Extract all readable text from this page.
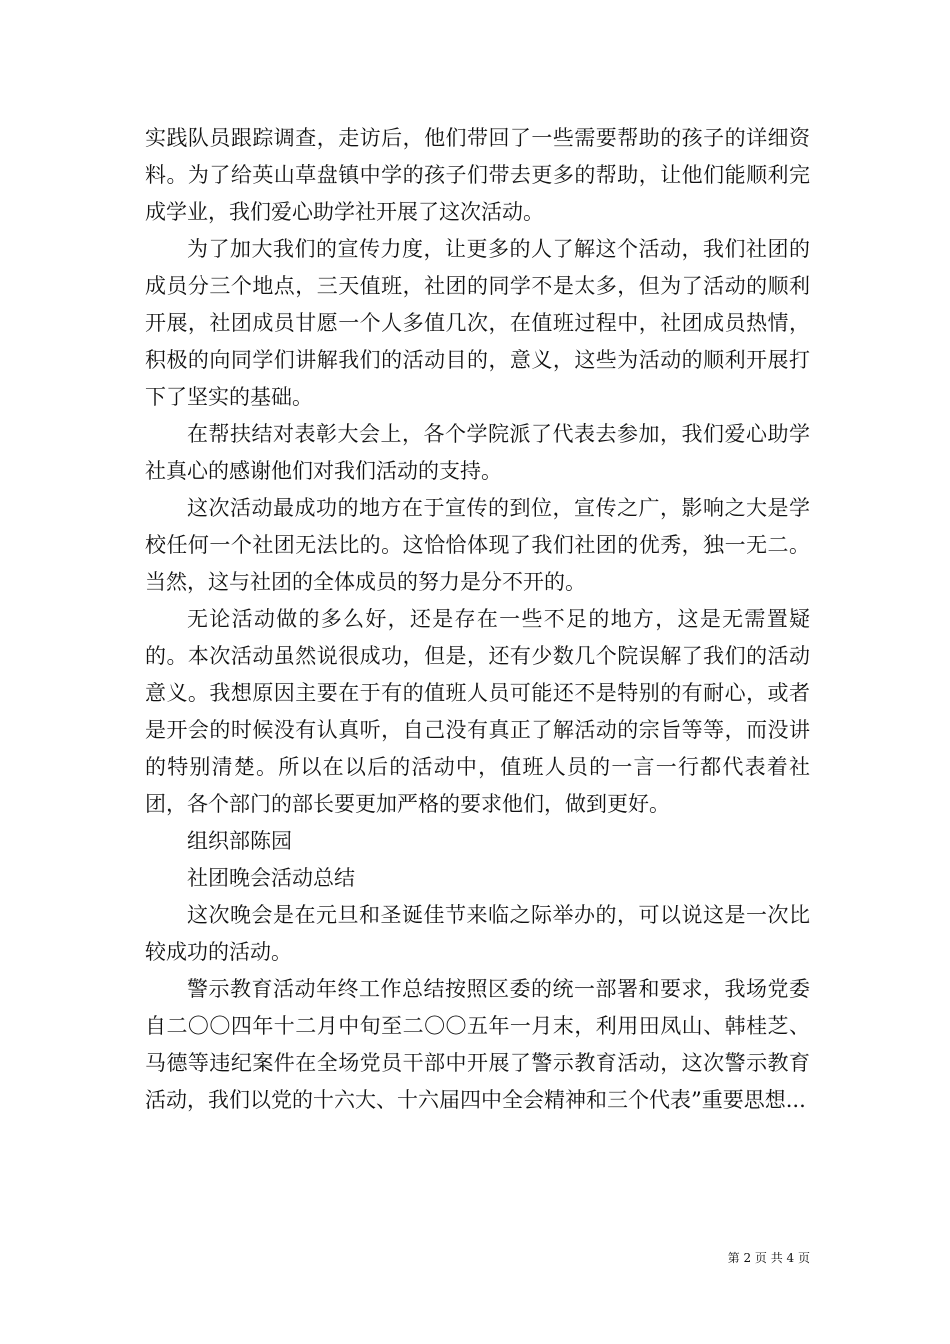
实践队员跟踪调查，走访后，他们带回了一些需要帮助的孩子的详细资料。为了给英山草盘镇中学的孩子们带去更多的帮助，让他们能顺利完成学业，我们爱心助学社开展了这次活动。

为了加大我们的宣传力度，让更多的人了解这个活动，我们社团的成员分三个地点，三天值班，社团的同学不是太多，但为了活动的顺利开展，社团成员甘愿一个人多值几次，在值班过程中，社团成员热情，积极的向同学们讲解我们的活动目的，意义，这些为活动的顺利开展打下了坚实的基础。

在帮扶结对表彰大会上，各个学院派了代表去参加，我们爱心助学社真心的感谢他们对我们活动的支持。

这次活动最成功的地方在于宣传的到位，宣传之广，影响之大是学校任何一个社团无法比的。这恰恰体现了我们社团的优秀，独一无二。当然，这与社团的全体成员的努力是分不开的。

无论活动做的多么好，还是存在一些不足的地方，这是无需置疑的。本次活动虽然说很成功，但是，还有少数几个院误解了我们的活动意义。我想原因主要在于有的值班人员可能还不是特别的有耐心，或者是开会的时候没有认真听，自己没有真正了解活动的宗旨等等，而没讲的特别清楚。所以在以后的活动中，值班人员的一言一行都代表着社团，各个部门的部长要更加严格的要求他们，做到更好。

组织部陈园

社团晚会活动总结

这次晚会是在元旦和圣诞佳节来临之际举办的，可以说这是一次比较成功的活动。

警示教育活动年终工作总结按照区委的统一部署和要求，我场党委自二〇〇四年十二月中旬至二〇〇五年一月末，利用田凤山、韩桂芝、马德等违纪案件在全场党员干部中开展了警示教育活动，这次警示教育活动，我们以党的十六大、十六届四中全会精神和三个代表”重要思想...

第 2 页 共 4 页
